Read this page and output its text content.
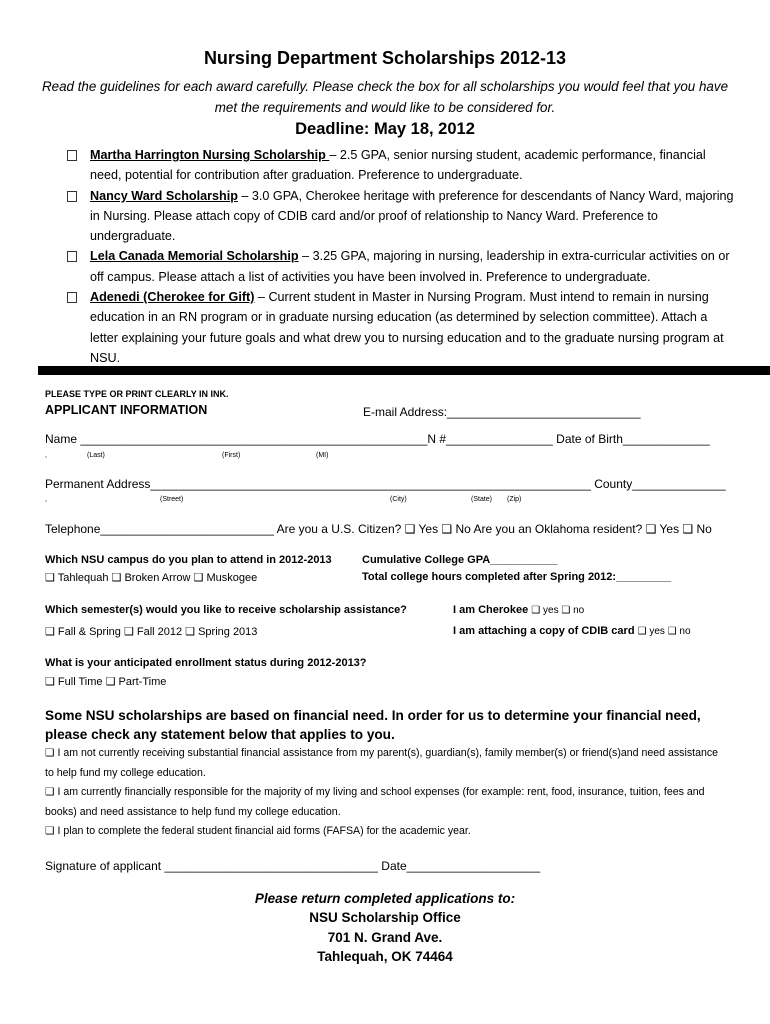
Nursing Department Scholarships 2012-13
Read the guidelines for each award carefully. Please check the box for all scholarships you would feel that you have met the requirements and would like to be considered for.
Deadline: May 18, 2012
Martha Harrington Nursing Scholarship – 2.5 GPA, senior nursing student, academic performance, financial need, potential for contribution after graduation. Preference to undergraduate.
Nancy Ward Scholarship – 3.0 GPA, Cherokee heritage with preference for descendants of Nancy Ward, majoring in Nursing. Please attach copy of CDIB card and/or proof of relationship to Nancy Ward. Preference to undergraduate.
Lela Canada Memorial Scholarship – 3.25 GPA, majoring in nursing, leadership in extra-curricular activities on or off campus. Please attach a list of activities you have been involved in. Preference to undergraduate.
Adenedi (Cherokee for Gift) – Current student in Master in Nursing Program. Must intend to remain in nursing education in an RN program or in graduate nursing education (as determined by selection committee). Attach a letter explaining your future goals and what drew you to nursing education and to the graduate nursing program at NSU.
PLEASE TYPE OR PRINT CLEARLY IN INK.
APPLICANT INFORMATION	E-mail Address:_____________________________
Name ____________________________________________________N #________________ Date of Birth_____________
,	(Last)	(First)	(MI)
Permanent Address__________________________________________________________________ County______________
,	(Street)	(City)	(State) (Zip)
Telephone__________________________ Are you a U.S. Citizen? ❑ Yes ❑ No Are you an Oklahoma resident? ❑ Yes ❑ No
Which NSU campus do you plan to attend in 2012-2013
❑ Tahlequah ❑ Broken Arrow ❑ Muskogee
Cumulative College GPA___________
Total college hours completed after Spring 2012:_________
Which semester(s) would you like to receive scholarship assistance?
❑ Fall & Spring ❑ Fall 2012 ❑ Spring 2013
I am Cherokee ❑ yes ❑ no
I am attaching a copy of CDIB card ❑ yes ❑ no
What is your anticipated enrollment status during 2012-2013?
❑ Full Time ❑ Part-Time
Some NSU scholarships are based on financial need. In order for us to determine your financial need, please check any statement below that applies to you.
❑ I am not currently receiving substantial financial assistance from my parent(s), guardian(s), family member(s) or friend(s)and need assistance to help fund my college education.
❑ I am currently financially responsible for the majority of my living and school expenses (for example: rent, food, insurance, tuition, fees and books) and need assistance to help fund my college education.
❑ I plan to complete the federal student financial aid forms (FAFSA) for the academic year.
Signature of applicant ________________________________ Date____________________
Please return completed applications to:
NSU Scholarship Office
701 N. Grand Ave.
Tahlequah, OK 74464
